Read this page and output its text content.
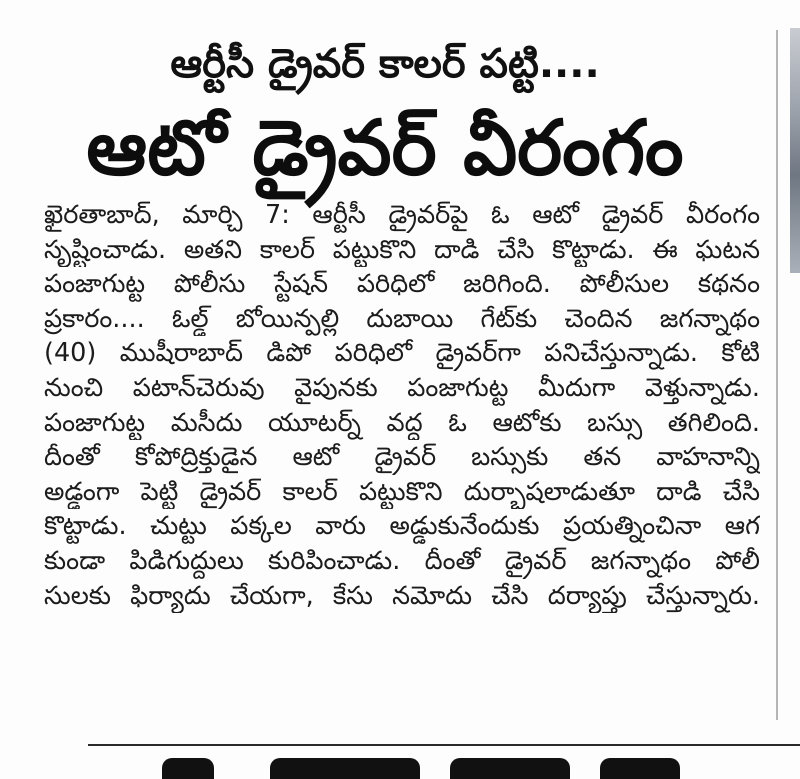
ఆర్టీసీ డ్రైవర్ కాలర్ పట్టి....
ఆటో డ్రైవర్ వీరంగం
ఖైరతాబాద్, మార్చి 7: ఆర్టీసీ డ్రైవర్‌పై ఓ ఆటో డ్రైవర్ వీరంగం
సృష్టించాడు. అతని కాలర్ పట్టుకొని దాడి చేసి కొట్టాడు. ఈ ఘటన
పంజాగుట్ట పోలీసు స్టేషన్ పరిధిలో జరిగింది. పోలీసుల కథనం
ప్రకారం.... ఓల్డ్ బోయిన్పల్లి దుబాయి గేట్‌కు చెందిన జగన్నాథం
(40) ముషీరాబాద్ డిపో పరిధిలో డ్రైవర్‌గా పనిచేస్తున్నాడు. కోటి
నుంచి పటాన్‌చెరువు వైపునకు పంజాగుట్ట మీదుగా వెళ్తున్నాడు.
పంజాగుట్ట మసీదు యూటర్న్ వద్ద ఓ ఆటోకు బస్సు తగిలింది.
దీంతో కోపోద్రిక్తుడైన ఆటో డ్రైవర్ బస్సుకు తన వాహనాన్ని
అడ్డంగా పెట్టి డ్రైవర్ కాలర్ పట్టుకొని దుర్భాషలాడుతూ దాడి చేసి
కొట్టాడు. చుట్టు పక్కల వారు అడ్డుకునేందుకు ప్రయత్నించినా ఆగ
కుండా పిడిగుద్దులు కురిపించాడు. దీంతో డ్రైవర్ జగన్నాథం పోలీ
సులకు ఫిర్యాదు చేయగా, కేసు నమోదు చేసి దర్యాప్తు చేస్తున్నారు.
